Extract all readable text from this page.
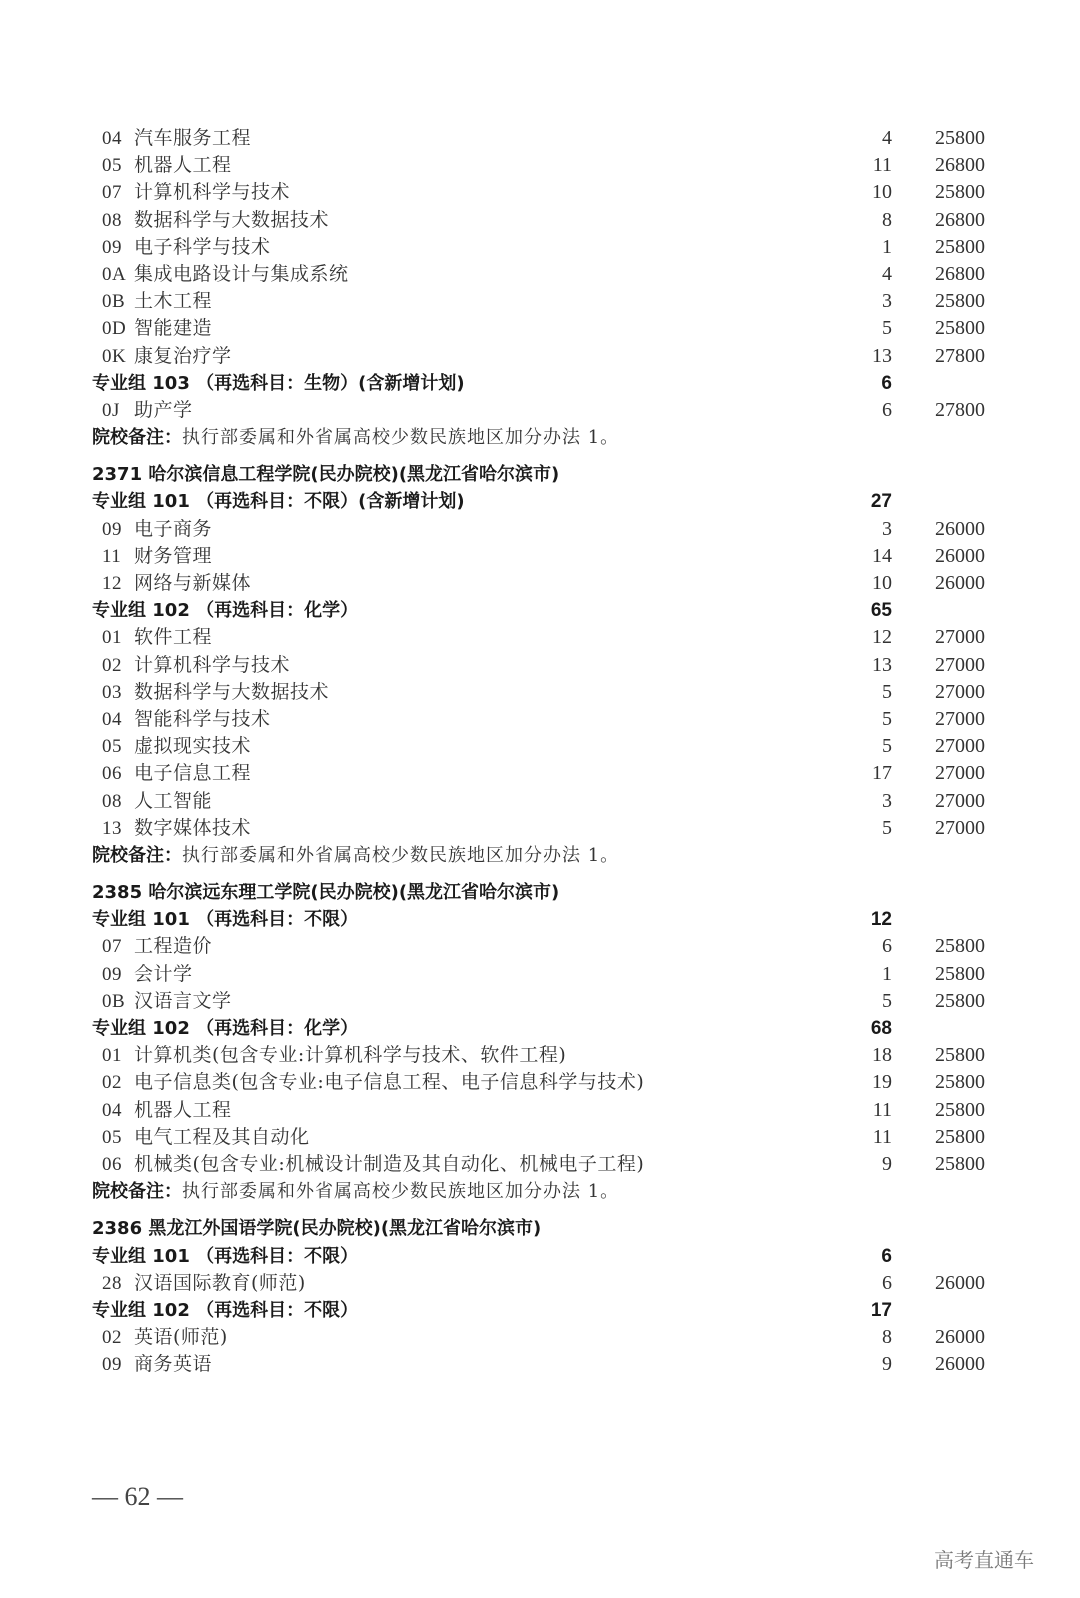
04 汽车服务工程	4 25800
05 机器人工程	11 26800
07 计算机科学与技术	10 25800
08 数据科学与大数据技术	8 26800
09 电子科学与技术	1 25800
0A 集成电路设计与集成系统	4 26800
0B 土木工程	3 25800
0D 智能建造	5 25800
0K 康复治疗学	13 27800
专业组 103 （再选科目：生物）(含新增计划)	6
0J 助产学	6 27800
院校备注：执行部委属和外省属高校少数民族地区加分办法 1。
2371 哈尔滨信息工程学院(民办院校)(黑龙江省哈尔滨市)
专业组 101 （再选科目：不限）(含新增计划)	27
09 电子商务	3 26000
11 财务管理	14 26000
12 网络与新媒体	10 26000
专业组 102 （再选科目：化学）	65
01 软件工程	12 27000
02 计算机科学与技术	13 27000
03 数据科学与大数据技术	5 27000
04 智能科学与技术	5 27000
05 虚拟现实技术	5 27000
06 电子信息工程	17 27000
08 人工智能	3 27000
13 数字媒体技术	5 27000
院校备注：执行部委属和外省属高校少数民族地区加分办法 1。
2385 哈尔滨远东理工学院(民办院校)(黑龙江省哈尔滨市)
专业组 101 （再选科目：不限）	12
07 工程造价	6 25800
09 会计学	1 25800
0B 汉语言文学	5 25800
专业组 102 （再选科目：化学）	68
01 计算机类(包含专业:计算机科学与技术、软件工程)	18 25800
02 电子信息类(包含专业:电子信息工程、电子信息科学与技术)	19 25800
04 机器人工程	11 25800
05 电气工程及其自动化	11 25800
06 机械类(包含专业:机械设计制造及其自动化、机械电子工程)	9 25800
院校备注：执行部委属和外省属高校少数民族地区加分办法 1。
2386 黑龙江外国语学院(民办院校)(黑龙江省哈尔滨市)
专业组 101 （再选科目：不限）	6
28 汉语国际教育(师范)	6 26000
专业组 102 （再选科目：不限）	17
02 英语(师范)	8 26000
09 商务英语	9 26000
— 62 —
高考直通车
